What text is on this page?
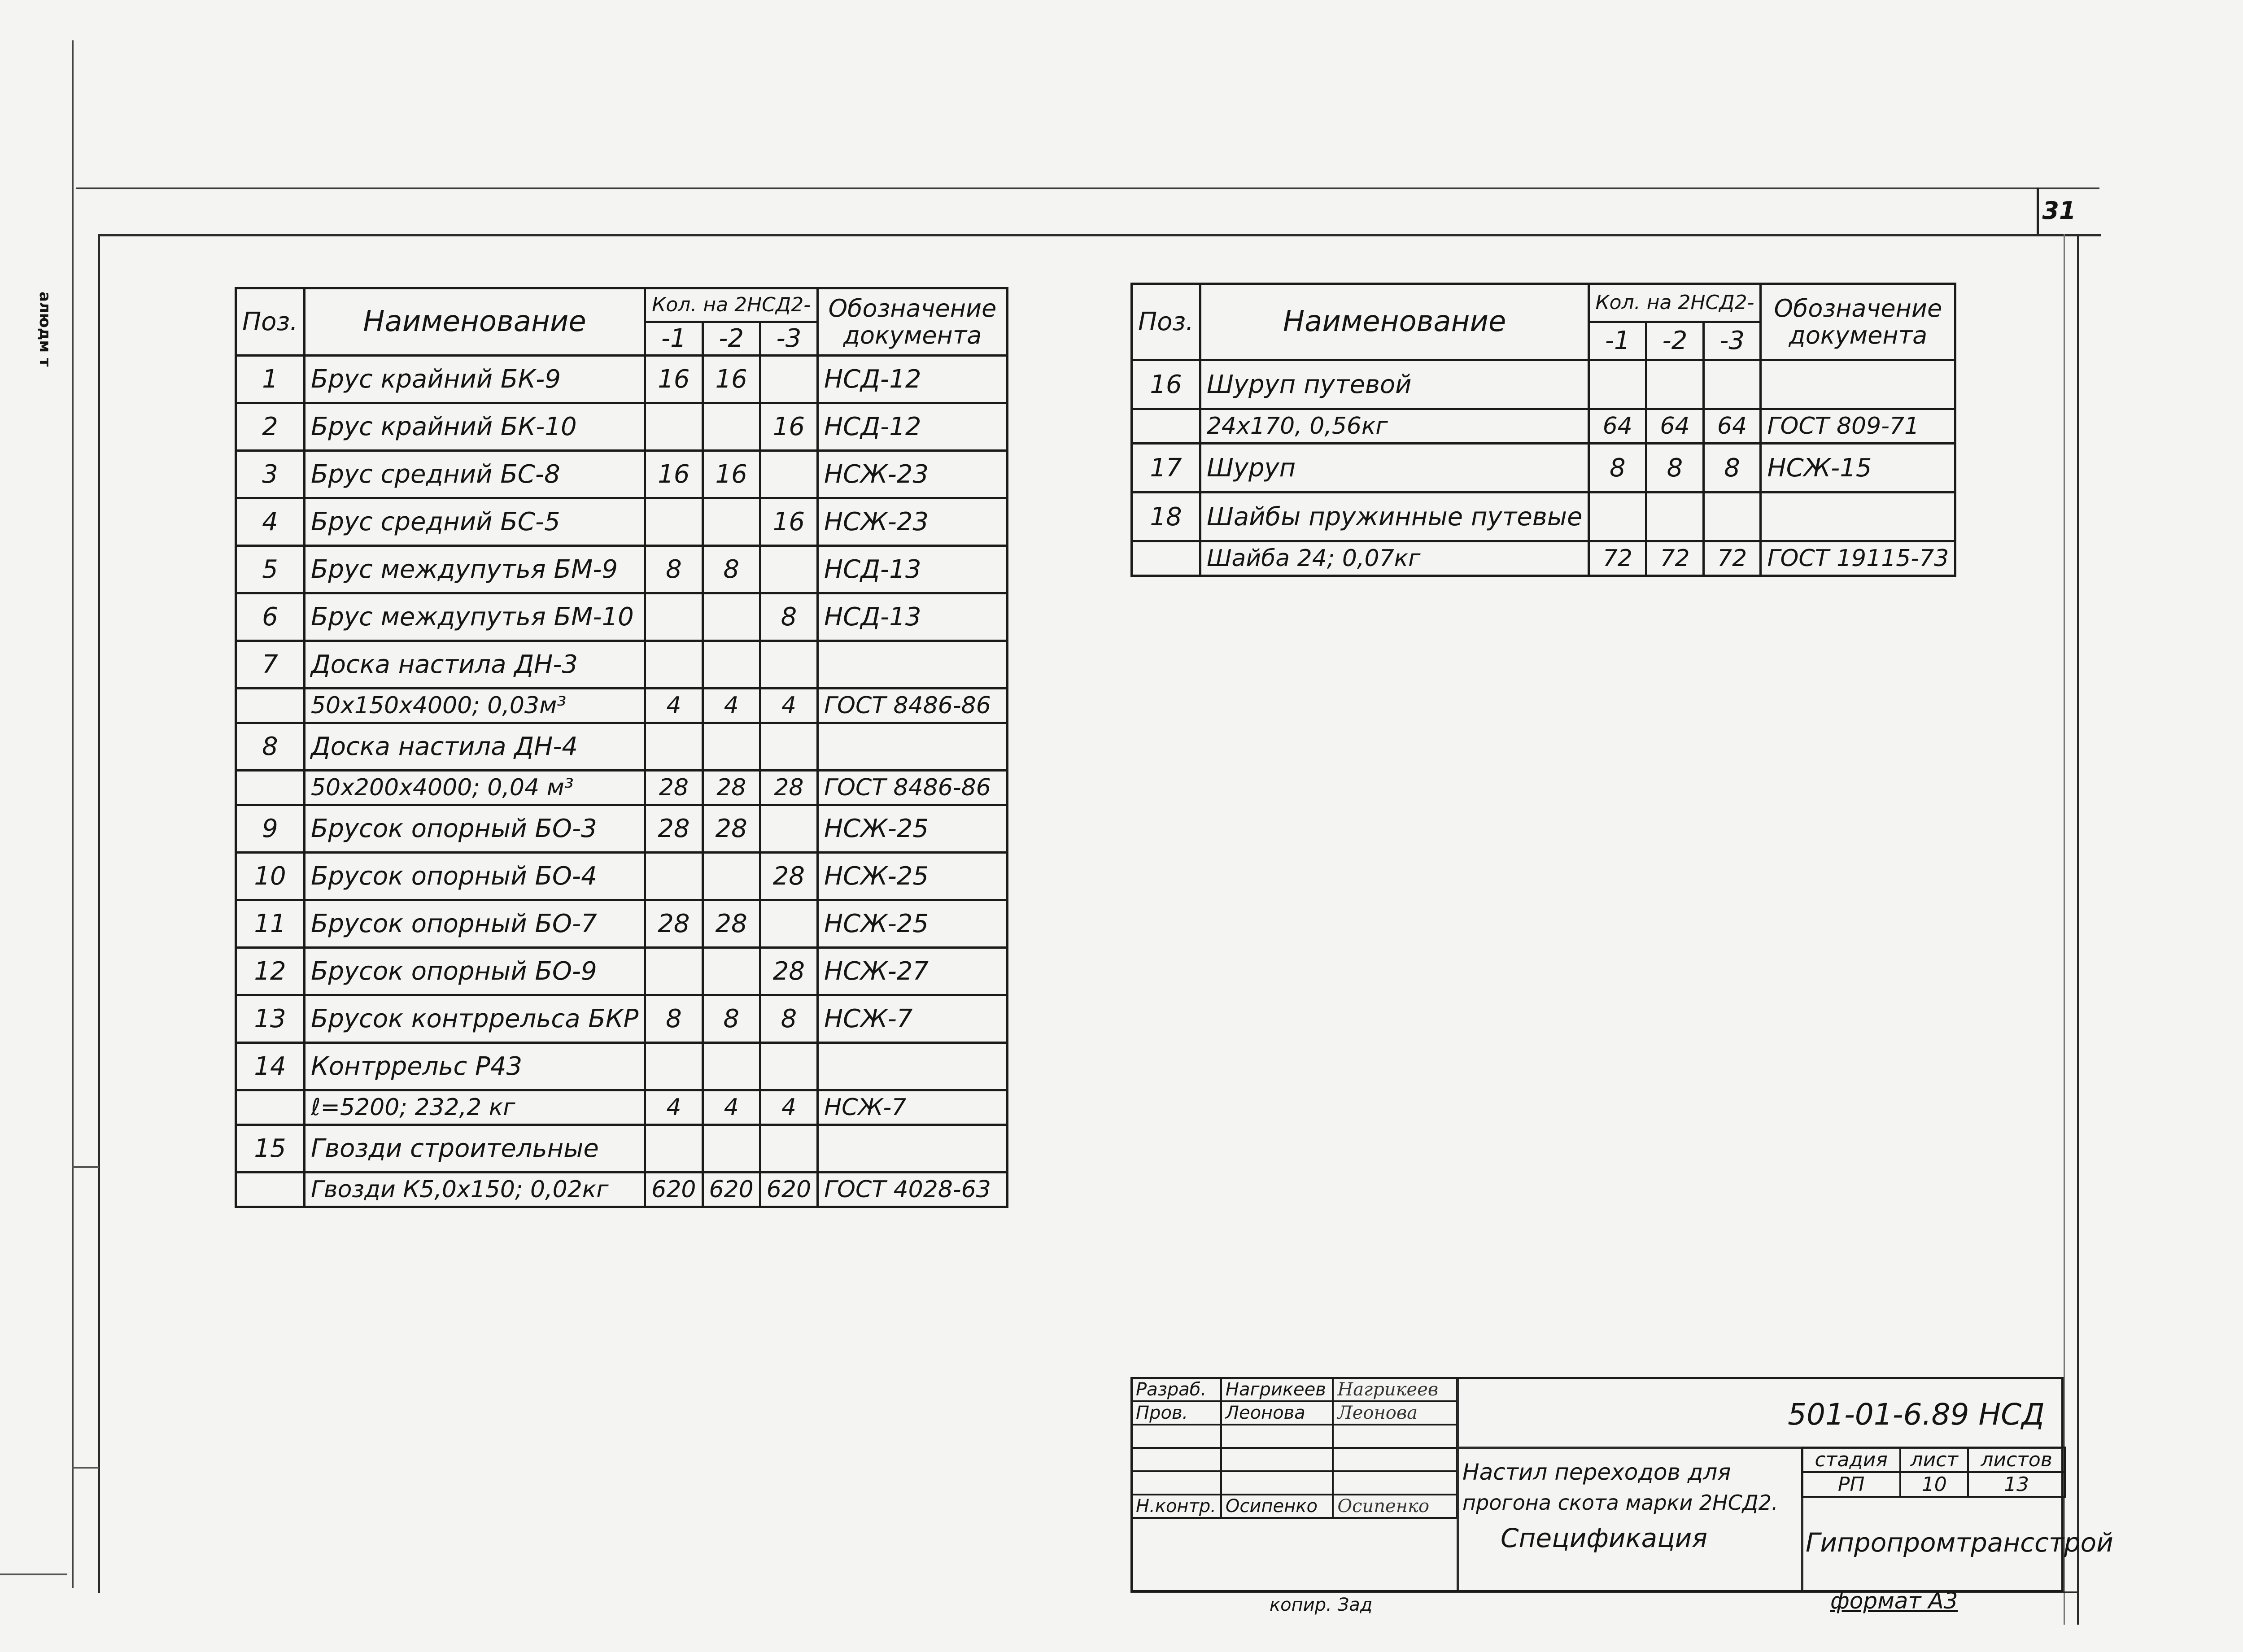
алюдм т
31
Поз.	Наименование	Кол. на 2НСД2-			Обозначение документа
		-1	-2	-3	
1	Брус крайний БК-9	16	16		НСД-12
2	Брус крайний БК-10			16	НСД-12
3	Брус средний БС-8	16	16		НСЖ-23
4	Брус средний БС-5			16	НСЖ-23
5	Брус междупутья БМ-9	8	8		НСД-13
6	Брус междупутья БМ-10			8	НСД-13
7	Доска настила ДН-3				
	50x150x4000; 0,03м³	4	4	4	ГОСТ 8486-86
8	Доска настила ДН-4				
	50x200x4000; 0,04 м³	28	28	28	ГОСТ 8486-86
9	Брусок опорный БО-3	28	28		НСЖ-25
10	Брусок опорный БО-4			28	НСЖ-25
11	Брусок опорный БО-7	28	28		НСЖ-25
12	Брусок опорный БО-9			28	НСЖ-27
13	Брусок контррельса БКР	8	8	8	НСЖ-7
14	Контррельс Р43				
	ℓ=5200; 232,2 кг	4	4	4	НСЖ-7
15	Гвозди строительные				
	Гвозди К5,0x150; 0,02кг	620	620	620	ГОСТ 4028-63
Поз.	Наименование	Кол. на 2НСД2-			Обозначение документа
		-1	-2	-3	
16	Шуруп путевой				
	24x170, 0,56кг	64	64	64	ГОСТ 809-71
17	Шуруп	8	8	8	НСЖ-15
18	Шайбы пружинные путевые				
	Шайба 24; 0,07кг	72	72	72	ГОСТ 19115-73
Разраб.	Нагрикеев	Нагрикеев
Пров.	Леонова	Леонова

Н.контр.	Осипенко	Осипенко
501-01-6.89 НСД
Настил переходов для
прогона скота марки 2НСД2.
Спецификация
стадия	лист	листов
РП	10	13
Гипропромтрансстрой
копир. Зад	формат А3
